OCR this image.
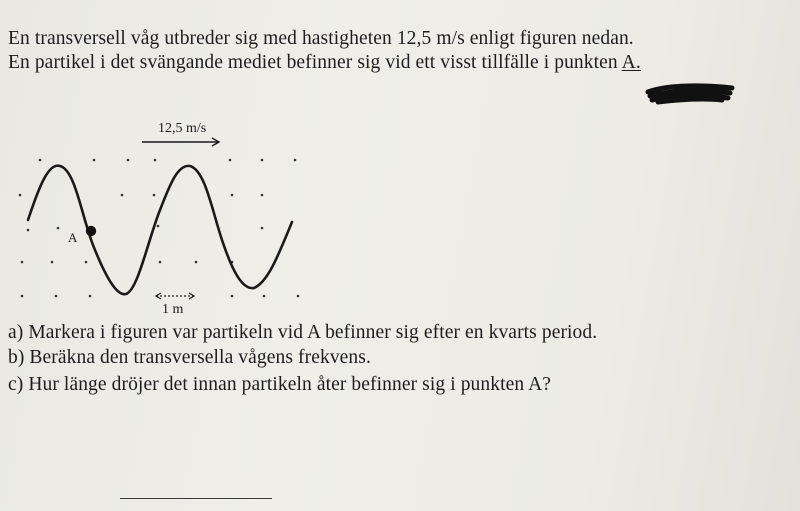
En transversell våg utbreder sig med hastigheten 12,5 m/s enligt figuren nedan.
En partikel i det svängande mediet befinner sig vid ett visst tillfälle i punkten A.
A
12,5 m/s
1 m
a) Markera i figuren var partikeln vid A befinner sig efter en kvarts period.
b) Beräkna den transversella vågens frekvens.
c) Hur länge dröjer det innan partikeln åter befinner sig i punkten A?
